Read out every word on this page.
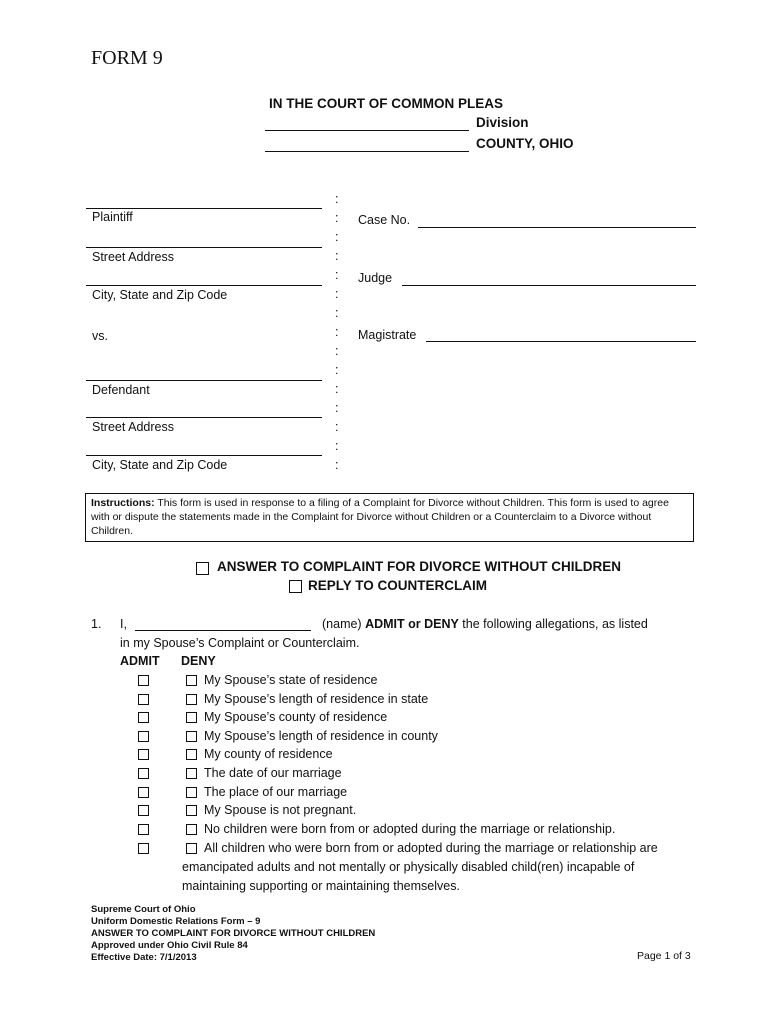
FORM 9
IN THE COURT OF COMMON PLEAS
Division
COUNTY, OHIO
Plaintiff
Street Address
City, State and Zip Code
vs.
Defendant
Street Address
City, State and Zip Code
:
:
:
:
:
:
:
:
:
:
:
:
:
:
:
Case No.
Judge
Magistrate
Instructions: This form is used in response to a filing of a Complaint for Divorce without Children. This form is used to agree with or dispute the statements made in the Complaint for Divorce without Children or a Counterclaim to a Divorce without Children.
ANSWER TO COMPLAINT FOR DIVORCE WITHOUT CHILDREN
REPLY TO COUNTERCLAIM
1. I,	(name) ADMIT or DENY the following allegations, as listed
in my Spouse’s Complaint or Counterclaim.
ADMIT DENY
My Spouse’s state of residence
My Spouse’s length of residence in state
My Spouse’s county of residence
My Spouse’s length of residence in county
My county of residence
The date of our marriage
The place of our marriage
My Spouse is not pregnant.
No children were born from or adopted during the marriage or relationship.
All children who were born from or adopted during the marriage or relationship are
emancipated adults and not mentally or physically disabled child(ren) incapable of
maintaining supporting or maintaining themselves.
Supreme Court of Ohio
Uniform Domestic Relations Form – 9
ANSWER TO COMPLAINT FOR DIVORCE WITHOUT CHILDREN
Approved under Ohio Civil Rule 84
Effective Date: 7/1/2013	Page 1 of 3
